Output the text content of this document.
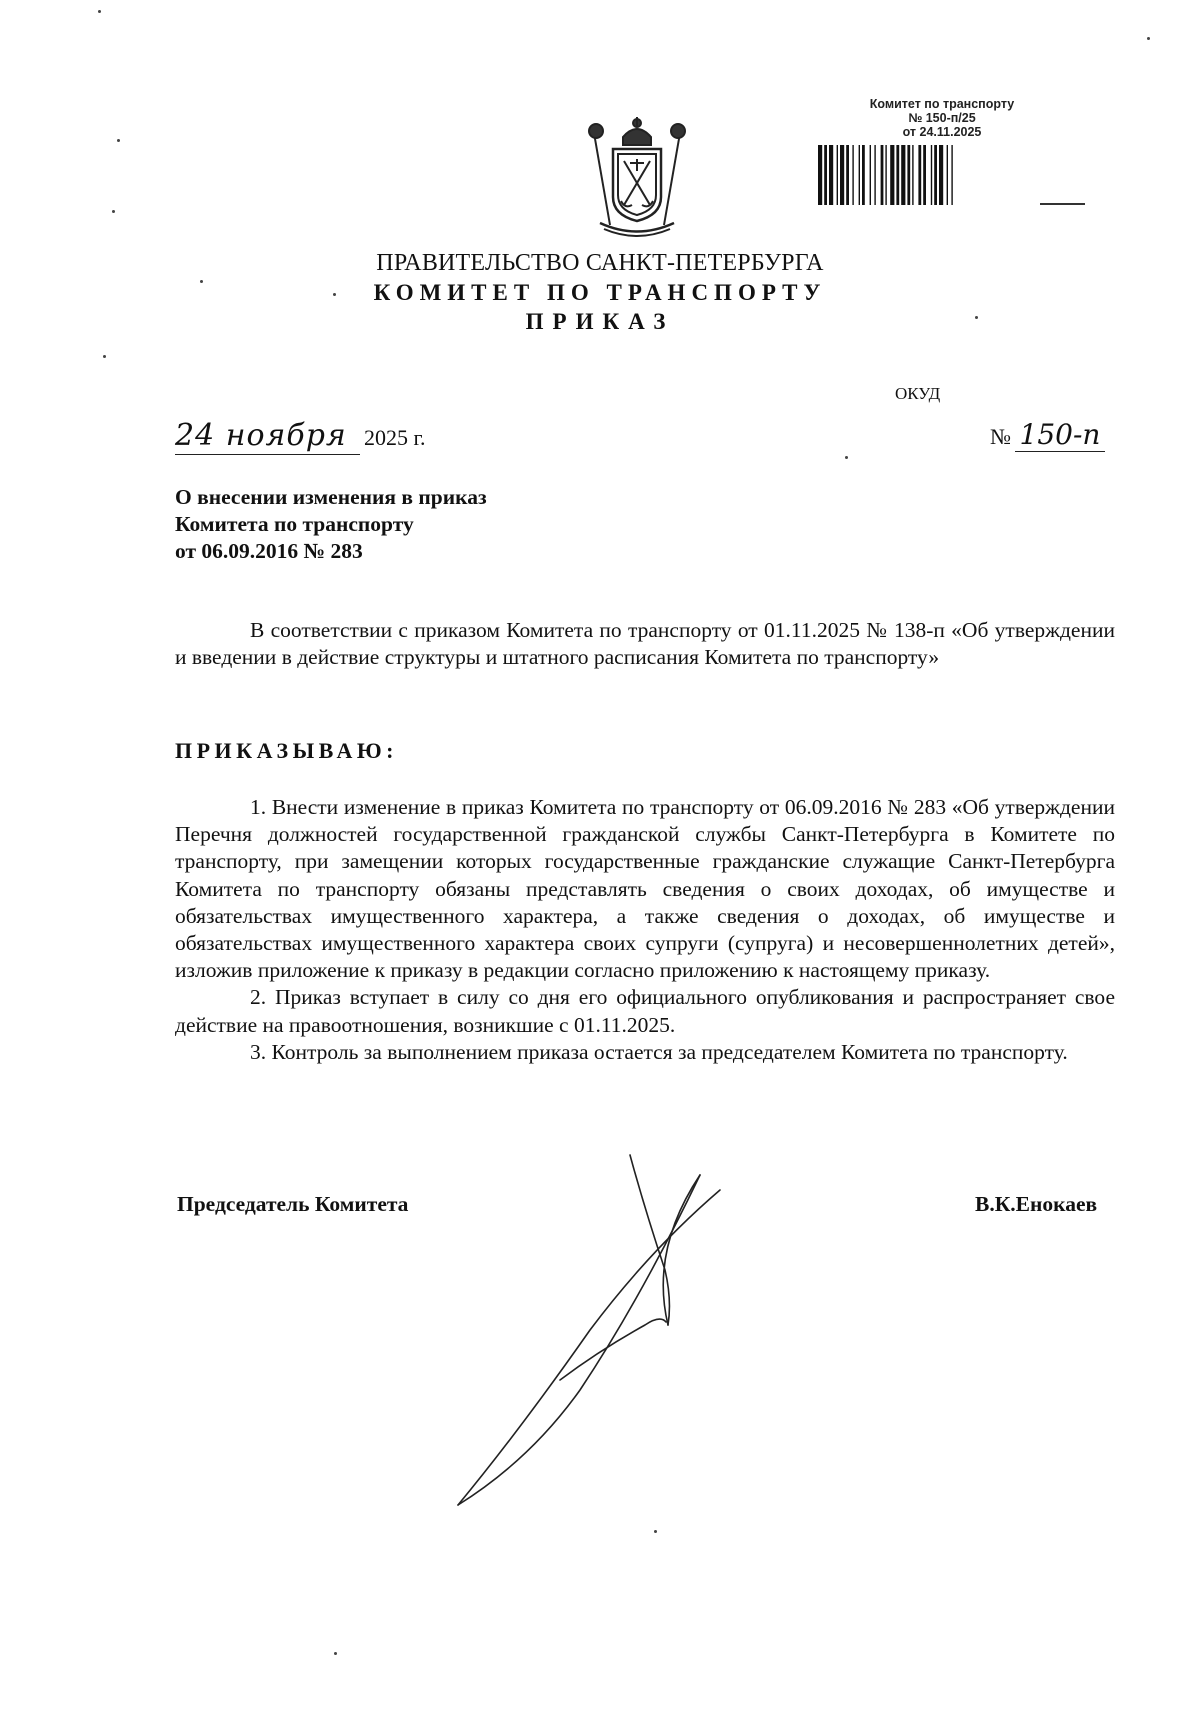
Комитет по транспорту
№ 150-п/25
от 24.11.2025
ПРАВИТЕЛЬСТВО САНКТ-ПЕТЕРБУРГА
КОМИТЕТ ПО ТРАНСПОРТУ
ПРИКАЗ
ОКУД
24 ноября 2025 г.	№ 150-п
О внесении изменения в приказ
Комитета по транспорту
от 06.09.2016 № 283

В соответствии с приказом Комитета по транспорту от 01.11.2025 № 138-п «Об утверждении и введении в действие структуры и штатного расписания Комитета по транспорту»

ПРИКАЗЫВАЮ:

1. Внести изменение в приказ Комитета по транспорту от 06.09.2016 № 283 «Об утверждении Перечня должностей государственной гражданской службы Санкт-Петербурга в Комитете по транспорту, при замещении которых государственные гражданские служащие Санкт-Петербурга Комитета по транспорту обязаны представлять сведения о своих доходах, об имуществе и обязательствах имущественного характера, а также сведения о доходах, об имуществе и обязательствах имущественного характера своих супруги (супруга) и несовершеннолетних детей», изложив приложение к приказу в редакции согласно приложению к настоящему приказу.

2. Приказ вступает в силу со дня его официального опубликования и распространяет свое действие на правоотношения, возникшие с 01.11.2025.

3. Контроль за выполнением приказа остается за председателем Комитета по транспорту.

Председатель Комитета	В.К.Енокаев
